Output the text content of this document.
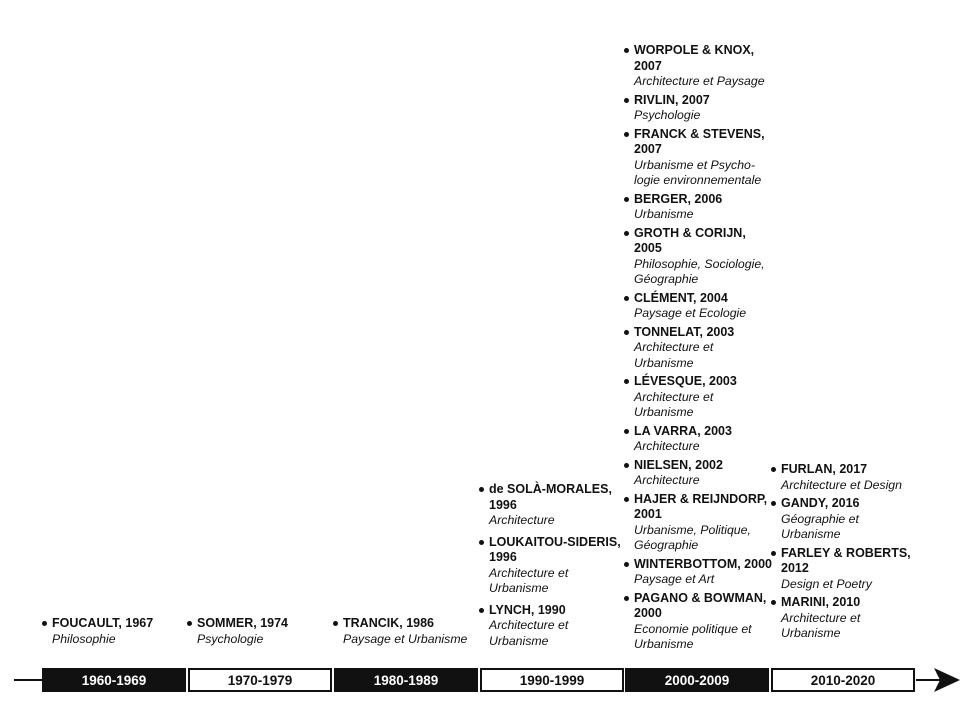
FOUCAULT, 1967
Philosophie
SOMMER, 1974
Psychologie
TRANCIK, 1986
Paysage et Urbanisme
de SOLÀ-MORALES, 1996
Architecture
LOUKAITOU-SIDERIS, 1996
Architecture et Urbanisme
LYNCH, 1990
Architecture et Urbanisme
WORPOLE & KNOX, 2007
Architecture et Paysage
RIVLIN, 2007
Psychologie
FRANCK & STEVENS, 2007
Urbanisme et Psycho-logie environnementale
BERGER, 2006
Urbanisme
GROTH & CORIJN, 2005
Philosophie, Sociologie, Géographie
CLÉMENT, 2004
Paysage et Ecologie
TONNELAT, 2003
Architecture et Urbanisme
LÉVESQUE, 2003
Architecture et Urbanisme
LA VARRA, 2003
Architecture
NIELSEN, 2002
Architecture
HAJER & REIJNDORP, 2001
Urbanisme, Politique, Géographie
WINTERBOTTOM, 2000
Paysage et Art
PAGANO & BOWMAN, 2000
Economie politique et Urbanisme
FURLAN, 2017
Architecture et Design
GANDY, 2016
Géographie et Urbanisme
FARLEY & ROBERTS, 2012
Design et Poetry
MARINI, 2010
Architecture et Urbanisme
1960-1969	1970-1979	1980-1989	1990-1999	2000-2009	2010-2020
